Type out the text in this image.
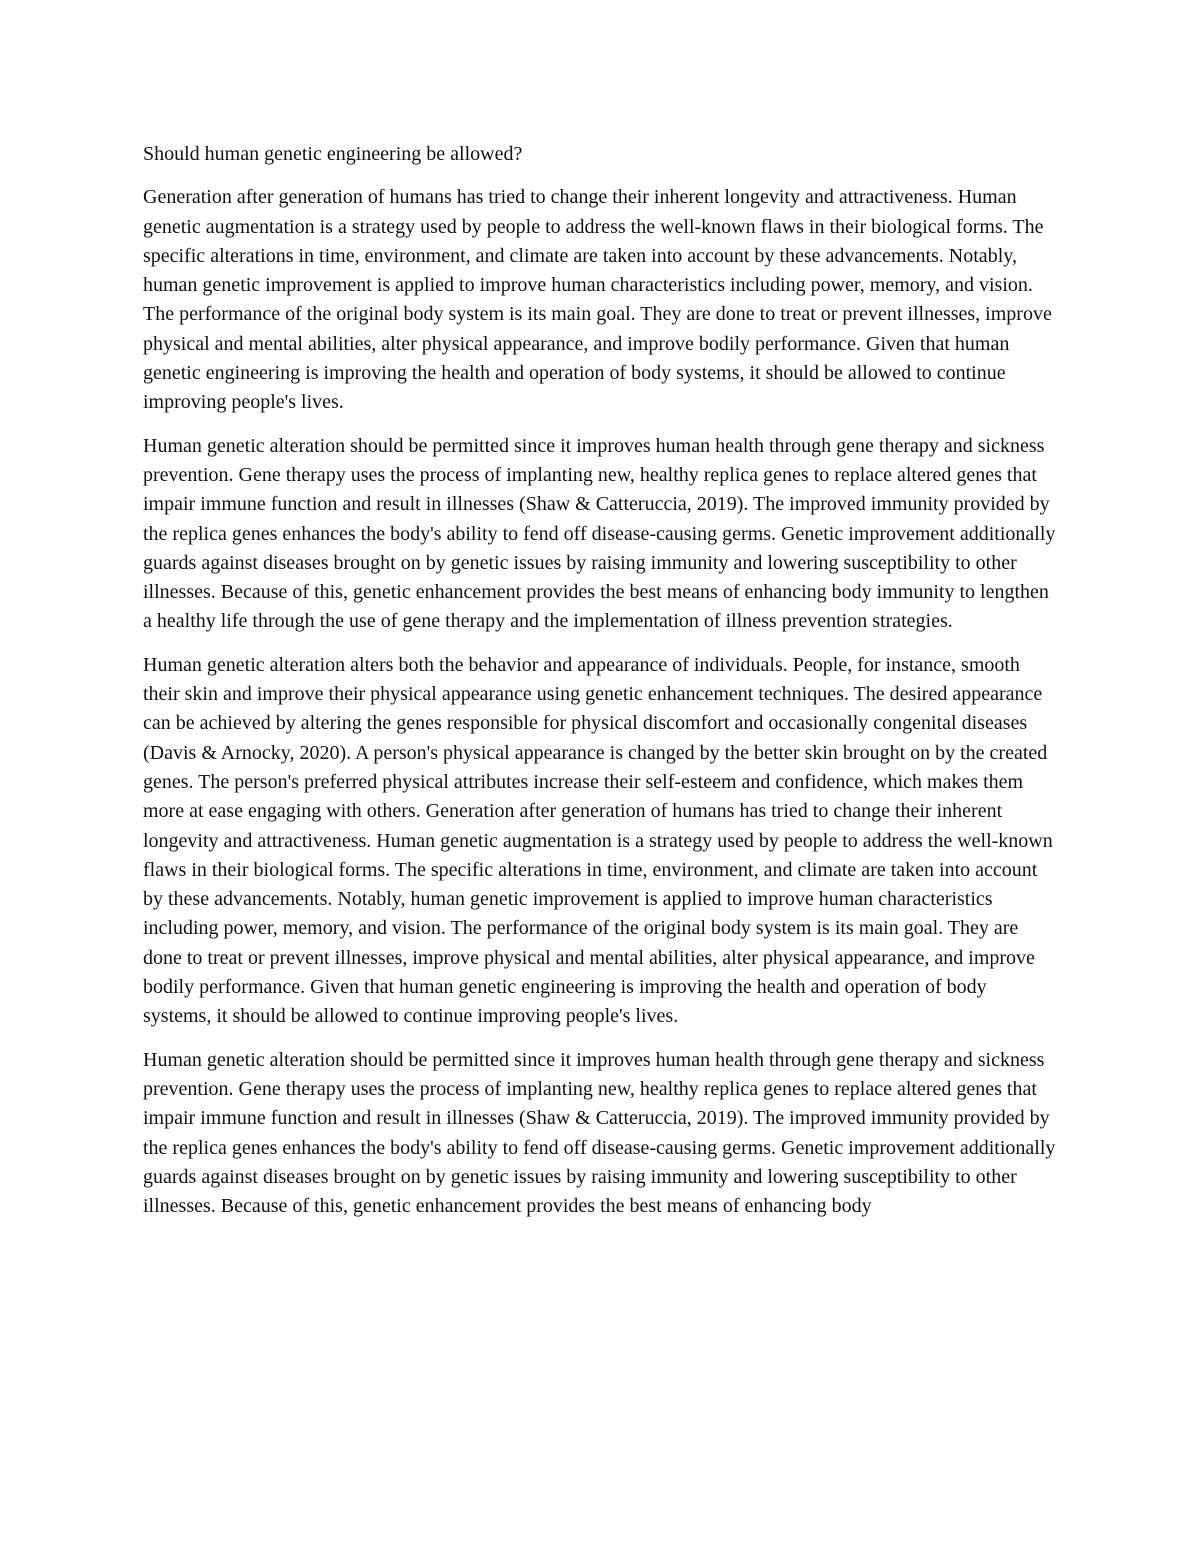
Should human genetic engineering be allowed?

Generation after generation of humans has tried to change their inherent longevity and attractiveness. Human genetic augmentation is a strategy used by people to address the well-known flaws in their biological forms. The specific alterations in time, environment, and climate are taken into account by these advancements. Notably, human genetic improvement is applied to improve human characteristics including power, memory, and vision. The performance of the original body system is its main goal. They are done to treat or prevent illnesses, improve physical and mental abilities, alter physical appearance, and improve bodily performance. Given that human genetic engineering is improving the health and operation of body systems, it should be allowed to continue improving people's lives.

Human genetic alteration should be permitted since it improves human health through gene therapy and sickness prevention. Gene therapy uses the process of implanting new, healthy replica genes to replace altered genes that impair immune function and result in illnesses (Shaw & Catteruccia, 2019). The improved immunity provided by the replica genes enhances the body's ability to fend off disease-causing germs. Genetic improvement additionally guards against diseases brought on by genetic issues by raising immunity and lowering susceptibility to other illnesses. Because of this, genetic enhancement provides the best means of enhancing body immunity to lengthen a healthy life through the use of gene therapy and the implementation of illness prevention strategies.

Human genetic alteration alters both the behavior and appearance of individuals. People, for instance, smooth their skin and improve their physical appearance using genetic enhancement techniques. The desired appearance can be achieved by altering the genes responsible for physical discomfort and occasionally congenital diseases (Davis & Arnocky, 2020). A person's physical appearance is changed by the better skin brought on by the created genes. The person's preferred physical attributes increase their self-esteem and confidence, which makes them more at ease engaging with others. Generation after generation of humans has tried to change their inherent longevity and attractiveness. Human genetic augmentation is a strategy used by people to address the well-known flaws in their biological forms. The specific alterations in time, environment, and climate are taken into account by these advancements. Notably, human genetic improvement is applied to improve human characteristics including power, memory, and vision. The performance of the original body system is its main goal. They are done to treat or prevent illnesses, improve physical and mental abilities, alter physical appearance, and improve bodily performance. Given that human genetic engineering is improving the health and operation of body systems, it should be allowed to continue improving people's lives.

Human genetic alteration should be permitted since it improves human health through gene therapy and sickness prevention. Gene therapy uses the process of implanting new, healthy replica genes to replace altered genes that impair immune function and result in illnesses (Shaw & Catteruccia, 2019). The improved immunity provided by the replica genes enhances the body's ability to fend off disease-causing germs. Genetic improvement additionally guards against diseases brought on by genetic issues by raising immunity and lowering susceptibility to other illnesses. Because of this, genetic enhancement provides the best means of enhancing body
